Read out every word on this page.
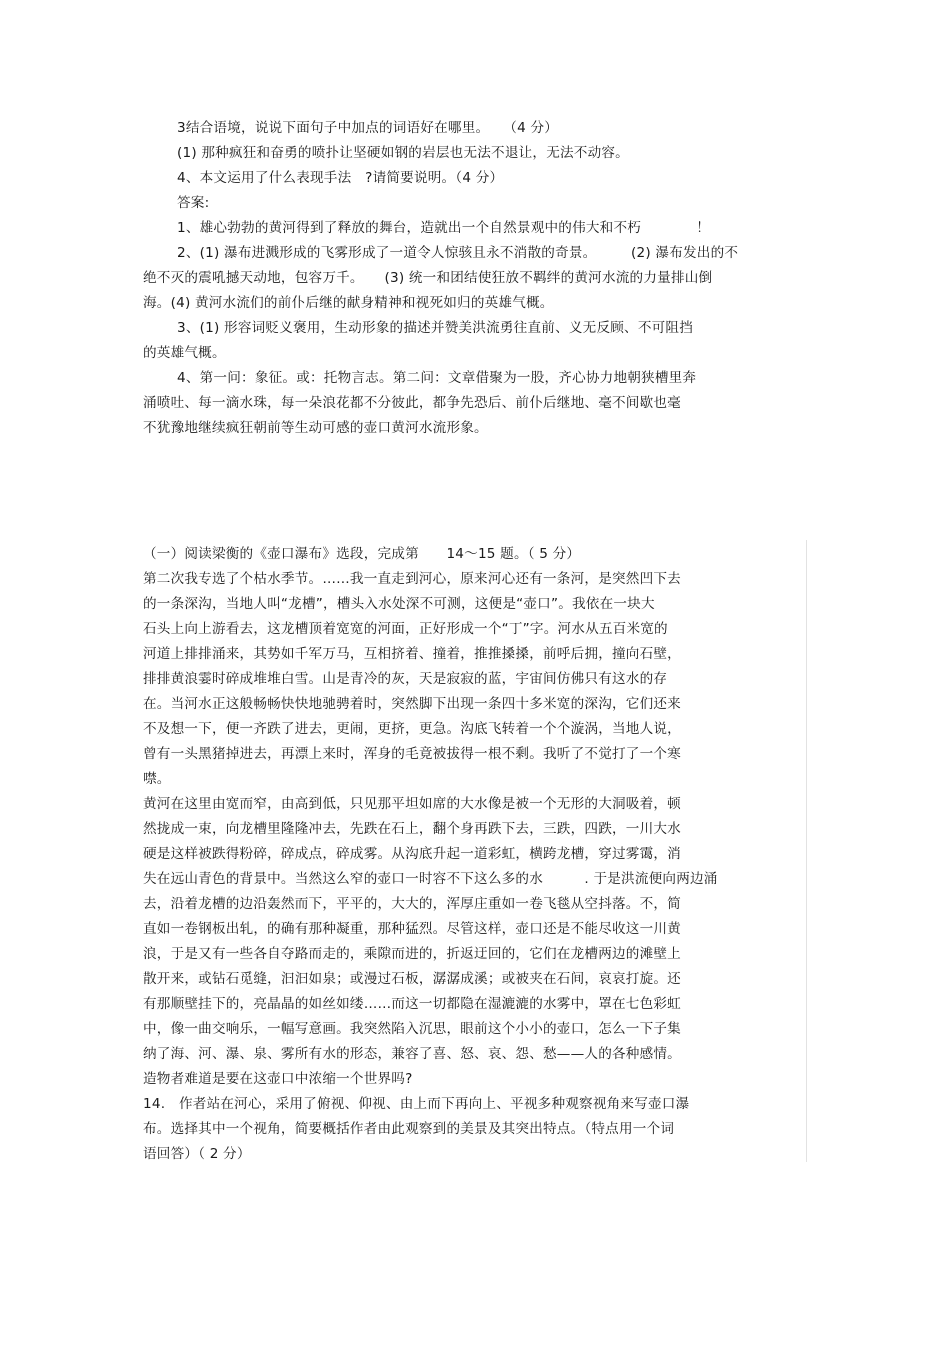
3结合语境，说说下面句子中加点的词语好在哪里。　　（4 分）
(1) 那种疯狂和奋勇的喷扑让坚硬如钢的岩层也无法不退让，无法不动容。
4、本文运用了什么表现手法　?请简要说明。（4 分）
答案:
1、雄心勃勃的黄河得到了释放的舞台，造就出一个自然景观中的伟大和不朽　　　　！
2、(1) 瀑布进溅形成的飞雾形成了一道令人惊骇且永不消散的奇景。　　　(2) 瀑布发出的不
绝不灭的震吼撼天动地，包容万千。　　(3) 统一和团结使狂放不羁绊的黄河水流的力量排山倒
海。(4) 黄河水流们的前仆后继的献身精神和视死如归的英雄气概。
3、(1) 形容词贬义褒用，生动形象的描述并赞美洪流勇往直前、义无反顾、不可阻挡
的英雄气概。
4、第一问：象征。或：托物言志。第二问：文章借聚为一股，齐心协力地朝狭槽里奔
涌喷吐、每一滴水珠，每一朵浪花都不分彼此，都争先恐后、前仆后继地、毫不间歇也毫
不犹豫地继续疯狂朝前等生动可感的壶口黄河水流形象。
（一）阅读梁衡的《壶口瀑布》选段，完成第　　14～15 题。（ 5 分）
第二次我专选了个枯水季节。……我一直走到河心，原来河心还有一条河，是突然凹下去
的一条深沟，当地人叫“龙槽”，槽头入水处深不可测，这便是“壶口”。我依在一块大
石头上向上游看去，这龙槽顶着宽宽的河面，正好形成一个“丁”字。河水从五百米宽的
河道上排排涌来，其势如千军万马，互相挤着、撞着，推推搡搡，前呼后拥，撞向石壁，
排排黄浪霎时碎成堆堆白雪。山是青冷的灰，天是寂寂的蓝，宇宙间仿佛只有这水的存
在。当河水正这般畅畅快快地驰骋着时，突然脚下出现一条四十多米宽的深沟，它们还来
不及想一下，便一齐跌了进去，更闹，更挤，更急。沟底飞转着一个个漩涡，当地人说，
曾有一头黑猪掉进去，再漂上来时，浑身的毛竟被拔得一根不剩。我听了不觉打了一个寒
噤。
黄河在这里由宽而窄，由高到低，只见那平坦如席的大水像是被一个无形的大洞吸着，顿
然拢成一束，向龙槽里隆隆冲去，先跌在石上，翻个身再跌下去，三跌，四跌，一川大水
硬是这样被跌得粉碎，碎成点，碎成雾。从沟底升起一道彩虹，横跨龙槽，穿过雾霭，消
失在远山青色的背景中。当然这么窄的壶口一时容不下这么多的水　　　. 于是洪流便向两边涌
去，沿着龙槽的边沿轰然而下，平平的，大大的，浑厚庄重如一卷飞毯从空抖落。不，简
直如一卷钢板出轧，的确有那种凝重，那种猛烈。尽管这样，壶口还是不能尽收这一川黄
浪，于是又有一些各自夺路而走的，乘隙而进的，折返迂回的，它们在龙槽两边的滩壁上
散开来，或钻石觅缝，汩汩如泉；或漫过石板，潺潺成溪；或被夹在石间，哀哀打旋。还
有那顺壁挂下的，亮晶晶的如丝如缕……而这一切都隐在湿漉漉的水雾中，罩在七色彩虹
中，像一曲交响乐，一幅写意画。我突然陷入沉思，眼前这个小小的壶口，怎么一下子集
纳了海、河、瀑、泉、雾所有水的形态，兼容了喜、怒、哀、怨、愁——人的各种感情。
造物者难道是要在这壶口中浓缩一个世界吗?
14.　作者站在河心，采用了俯视、仰视、由上而下再向上、平视多种观察视角来写壶口瀑
布。选择其中一个视角，简要概括作者由此观察到的美景及其突出特点。（特点用一个词
语回答）（ 2 分）
